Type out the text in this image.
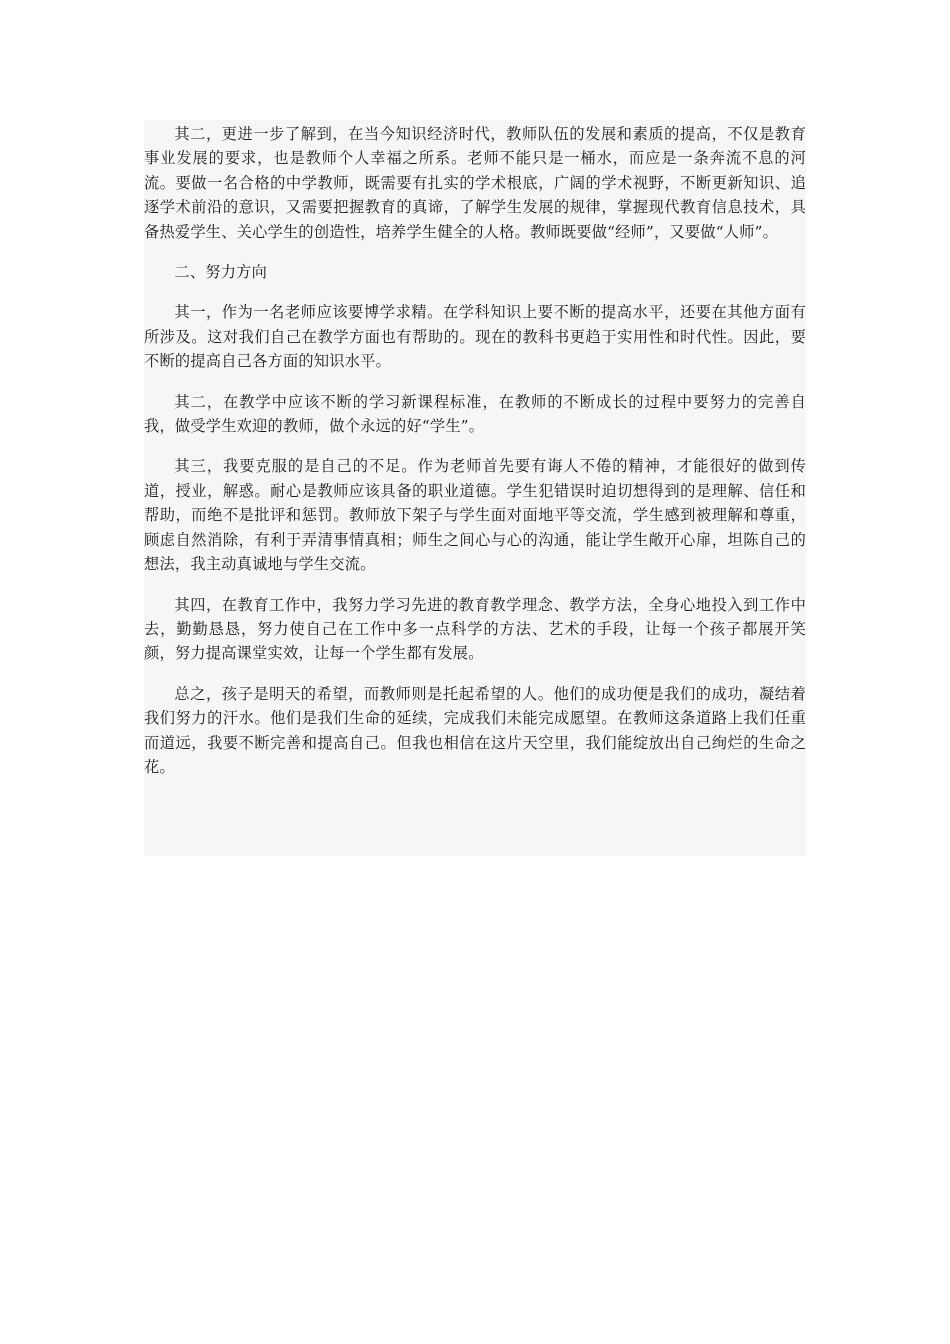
其二，更进一步了解到，在当今知识经济时代，教师队伍的发展和素质的提高，不仅是教育事业发展的要求，也是教师个人幸福之所系。老师不能只是一桶水，而应是一条奔流不息的河流。要做一名合格的中学教师，既需要有扎实的学术根底，广阔的学术视野，不断更新知识、追逐学术前沿的意识，又需要把握教育的真谛，了解学生发展的规律，掌握现代教育信息技术，具备热爱学生、关心学生的创造性，培养学生健全的人格。教师既要做“经师”，又要做“人师”。

二、努力方向

其一，作为一名老师应该要博学求精。在学科知识上要不断的提高水平，还要在其他方面有所涉及。这对我们自己在教学方面也有帮助的。现在的教科书更趋于实用性和时代性。因此，要不断的提高自己各方面的知识水平。

其二，在教学中应该不断的学习新课程标准，在教师的不断成长的过程中要努力的完善自我，做受学生欢迎的教师，做个永远的好“学生”。

其三，我要克服的是自己的不足。作为老师首先要有诲人不倦的精神，才能很好的做到传道，授业，解惑。耐心是教师应该具备的职业道德。学生犯错误时迫切想得到的是理解、信任和帮助，而绝不是批评和惩罚。教师放下架子与学生面对面地平等交流，学生感到被理解和尊重，顾虑自然消除，有利于弄清事情真相；师生之间心与心的沟通，能让学生敞开心扉，坦陈自己的想法，我主动真诚地与学生交流。

其四，在教育工作中，我努力学习先进的教育教学理念、教学方法，全身心地投入到工作中去，勤勤恳恳，努力使自己在工作中多一点科学的方法、艺术的手段，让每一个孩子都展开笑颜，努力提高课堂实效，让每一个学生都有发展。

总之，孩子是明天的希望，而教师则是托起希望的人。他们的成功便是我们的成功，凝结着我们努力的汗水。他们是我们生命的延续，完成我们未能完成愿望。在教师这条道路上我们任重而道远，我要不断完善和提高自己。但我也相信在这片天空里，我们能绽放出自己绚烂的生命之花。
